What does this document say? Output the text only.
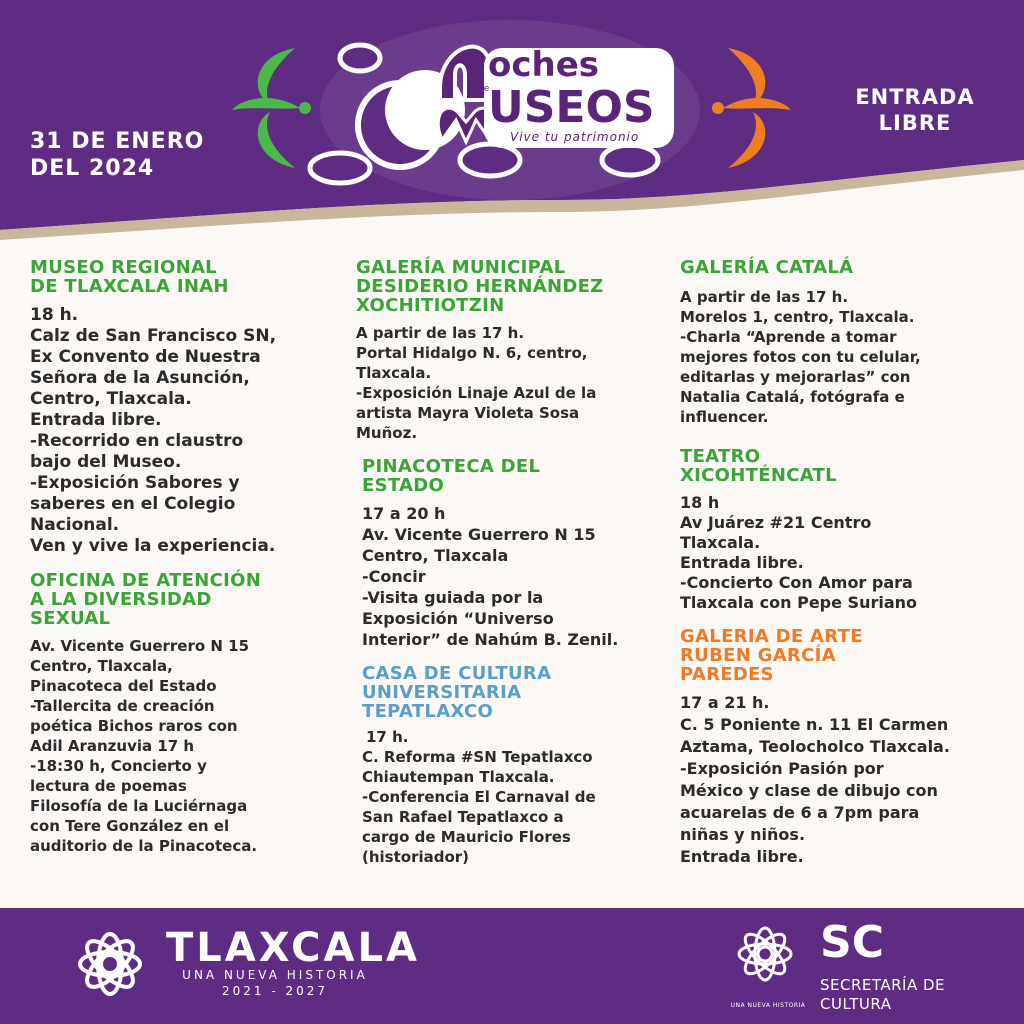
31 DE ENERO
DEL 2024
de
oches
USEOS
Vive tu patrimonio
ENTRADA
LIBRE
MUSEO REGIONAL
DE TLAXCALA INAH
18 h.
Calz de San Francisco SN,
Ex Convento de Nuestra
Señora de la Asunción,
Centro, Tlaxcala.
Entrada libre.
-Recorrido en claustro
bajo del Museo.
-Exposición Sabores y
saberes en el Colegio
Nacional.
Ven y vive la experiencia.
OFICINA DE ATENCIÓN
A LA DIVERSIDAD
SEXUAL
Av. Vicente Guerrero N 15
Centro, Tlaxcala,
Pinacoteca del Estado
-Tallercita de creación
poética Bichos raros con
Adil Aranzuvia 17 h
-18:30 h, Concierto y
lectura de poemas
Filosofía de la Luciérnaga
con Tere González en el
auditorio de la Pinacoteca.
GALERÍA MUNICIPAL
DESIDERIO HERNÁNDEZ
XOCHITIOTZIN
A partir de las 17 h.
Portal Hidalgo N. 6, centro,
Tlaxcala.
-Exposición Linaje Azul de la
artista Mayra Violeta Sosa
Muñoz.
PINACOTECA DEL
ESTADO
17 a 20 h
Av. Vicente Guerrero N 15
Centro, Tlaxcala
-Concir
-Visita guiada por la
Exposición “Universo
Interior” de Nahúm B. Zenil.
CASA DE CULTURA
UNIVERSITARIA
TEPATLAXCO
17 h.
C. Reforma #SN Tepatlaxco
Chiautempan Tlaxcala.
-Conferencia El Carnaval de
San Rafael Tepatlaxco a
cargo de Mauricio Flores
(historiador)
GALERÍA CATALÁ
A partir de las 17 h.
Morelos 1, centro, Tlaxcala.
-Charla “Aprende a tomar
mejores fotos con tu celular,
editarlas y mejorarlas” con
Natalia Catalá, fotógrafa e
influencer.
TEATRO
XICOHTÉNCATL
18 h
Av Juárez #21 Centro
Tlaxcala.
Entrada libre.
-Concierto Con Amor para
Tlaxcala con Pepe Suriano
GALERIA DE ARTE
RUBEN GARCÍA
PAREDES
17 a 21 h.
C. 5 Poniente n. 11 El Carmen
Aztama, Teolocholco Tlaxcala.
-Exposición Pasión por
México y clase de dibujo con
acuarelas de 6 a 7pm para
niñas y niños.
Entrada libre.
TLAXCALA
UNA NUEVA HISTORIA
2021 - 2027
UNA NUEVA HISTORIA
SC
SECRETARÍA DE
CULTURA
